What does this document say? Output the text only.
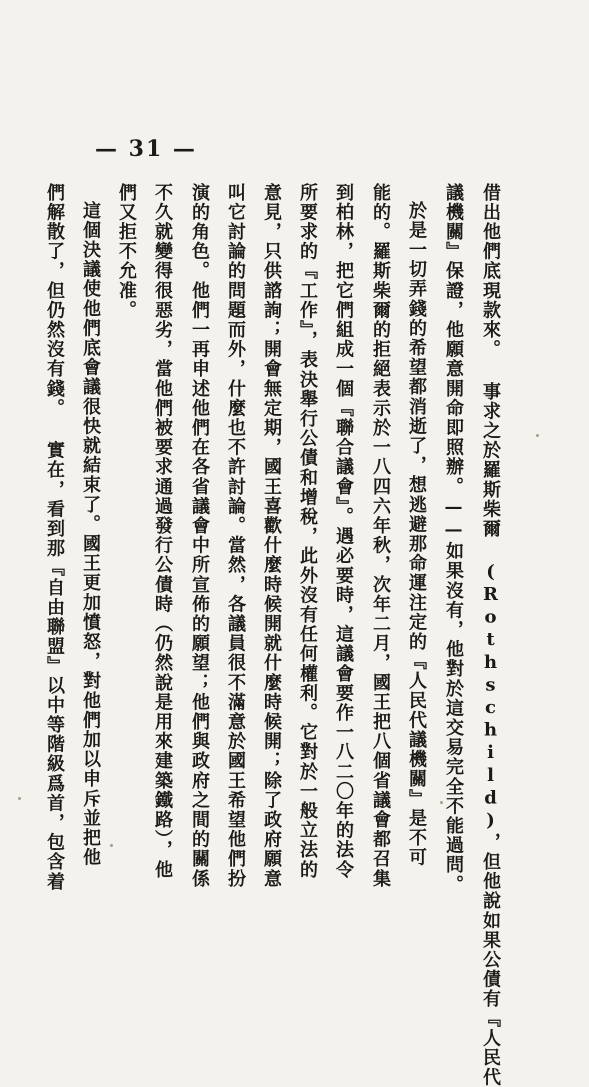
— 31 —
借出他們底現款來。 事求之於羅斯柴爾 (Rothschild)，但他說如果公債有『人民代
議機關』保證，他願意開命即照辦。——如果沒有，他對於這交易完全不能過問。
於是一切弄錢的希望都消逝了，想逃避那命運注定的『人民代議機關』是不可
能的。羅斯柴爾的拒絕表示於一八四六年秋，次年二月，國王把八個省議會都召集
到柏林，把它們組成一個『聯合議會』。遇必要時，這議會要作一八二〇年的法令
所要求的『工作』，表決舉行公債和增稅，此外沒有任何權利。它對於一般立法的
意見，只供諮詢；開會無定期，國王喜歡什麼時候開就什麼時候開；除了政府願意
叫它討論的問題而外，什麼也不許討論。當然，各議員很不滿意於國王希望他們扮
演的角色。他們一再申述他們在各省議會中所宣佈的願望；他們與政府之間的關係
不久就變得很惡劣，當他們被要求通過發行公債時（仍然說是用來建築鐵路），他
們又拒不允准。
這個決議使他們底會議很快就結束了。國王更加憤怒，對他們加以申斥並把他
們解散了，但仍然沒有錢。 實在，看到那『自由聯盟』以中等階級爲首，包含着
